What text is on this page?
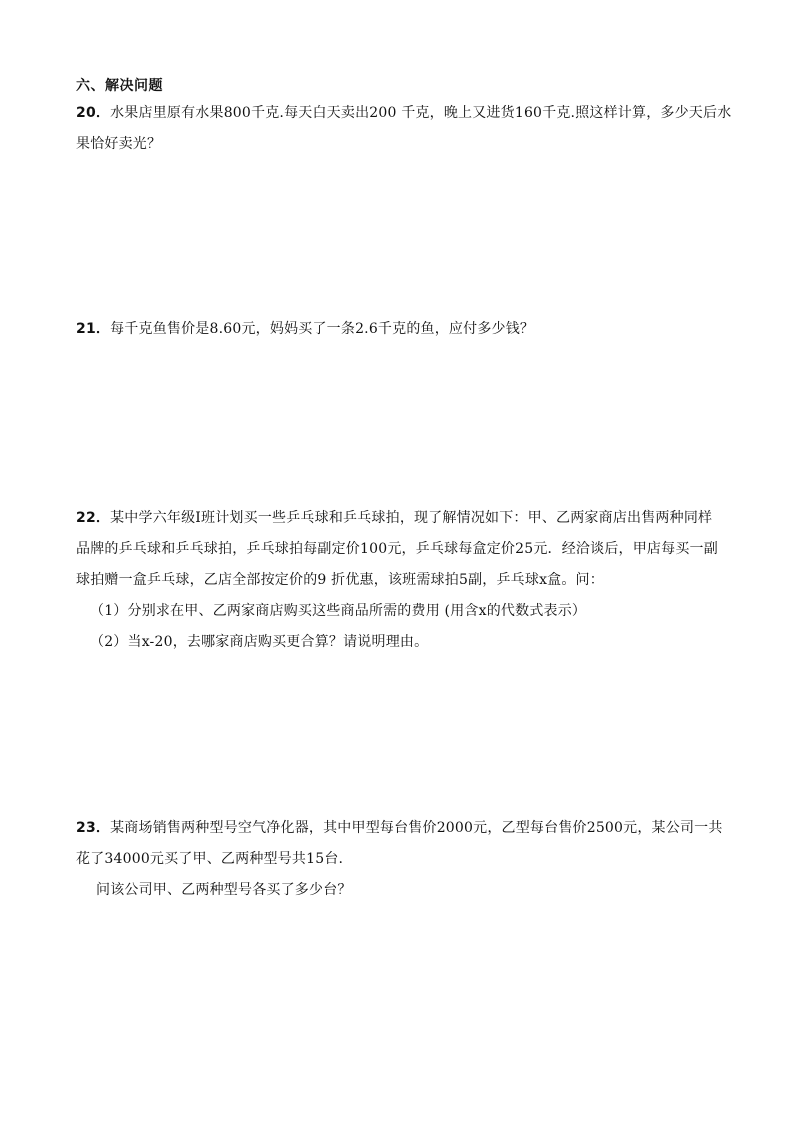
六、解决问题
20．水果店里原有水果800千克.每天白天卖出200 千克，晚上又进货160千克.照这样计算，多少天后水
果恰好卖光？
21．每千克鱼售价是8.60元，妈妈买了一条2.6千克的鱼，应付多少钱？
22．某中学六年级Ⅰ班计划买一些乒乓球和乒乓球拍，现了解情况如下：甲、乙两家商店出售两种同样
品牌的乒乓球和乒乓球拍，乒乓球拍每副定价100元，乒乓球每盒定价25元．经洽谈后，甲店每买一副
球拍赠一盒乒乓球，乙店全部按定价的9 折优惠，该班需球拍5副，乒乓球x盒。问：
（1）分别求在甲、乙两家商店购买这些商品所需的费用 (用含x的代数式表示）
（2）当x-20，去哪家商店购买更合算？请说明理由。
23．某商场销售两种型号空气净化器，其中甲型每台售价2000元，乙型每台售价2500元，某公司一共
花了34000元买了甲、乙两种型号共15台.
问该公司甲、乙两种型号各买了多少台？
